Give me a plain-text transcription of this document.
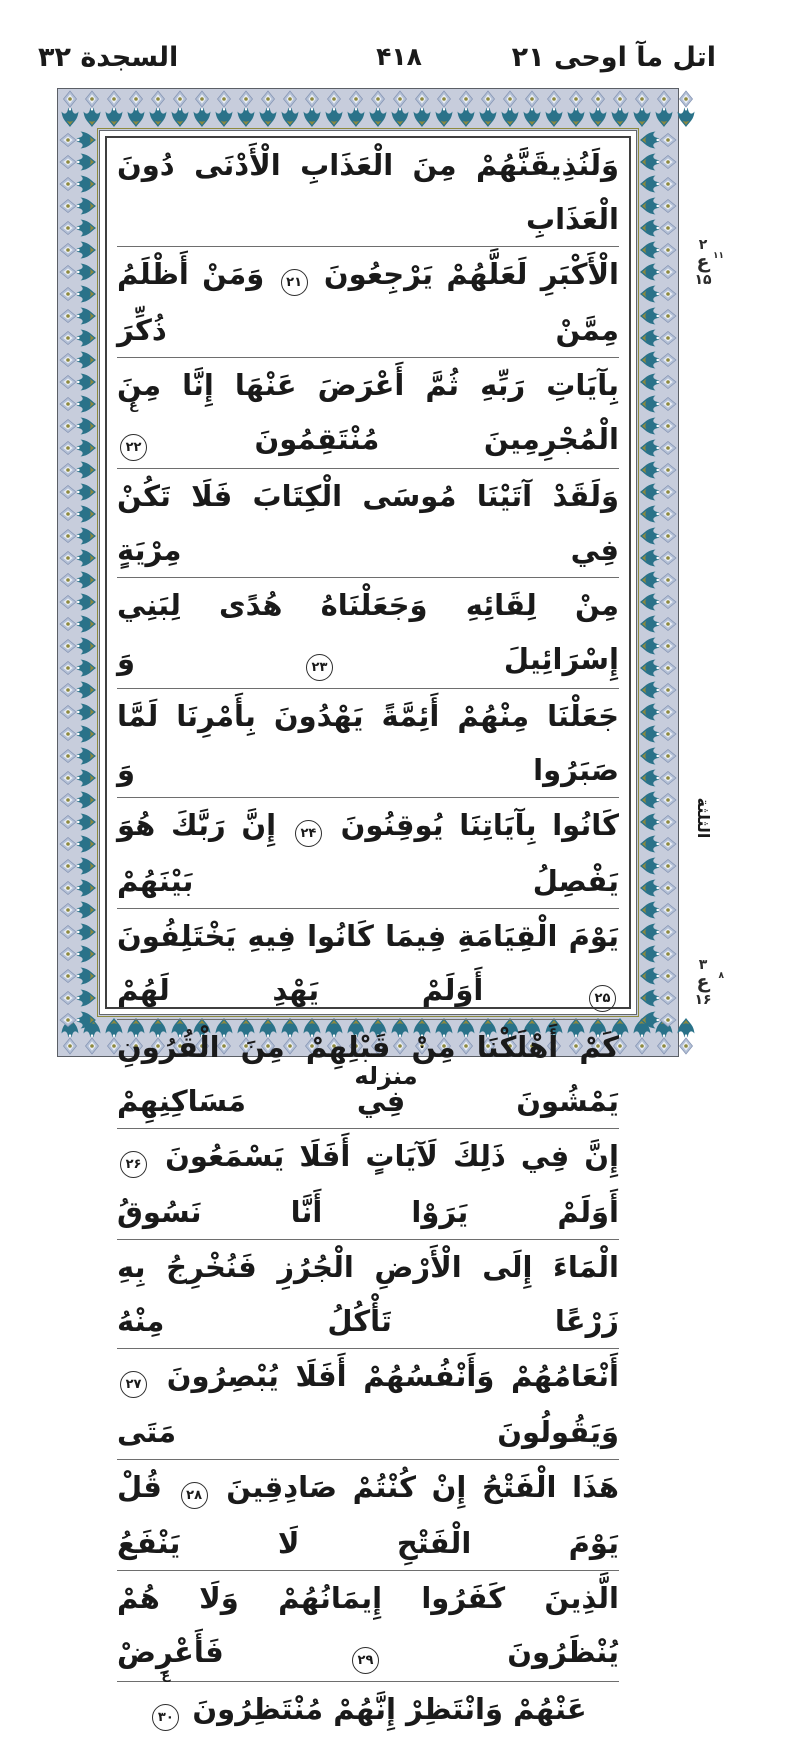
السجدة ٣٢	۴١٨	اتل مآ اوحی ٢١
وَلَنُذِيقَنَّهُمْ مِنَ الْعَذَابِ الْأَدْنَى دُونَ الْعَذَابِ
الْأَكْبَرِ لَعَلَّهُمْ يَرْجِعُونَ ۲۱ وَمَنْ أَظْلَمُ مِمَّنْ ذُكِّرَ
بِآيَاتِ رَبِّهِ ثُمَّ أَعْرَضَ عَنْهَا إِنَّا مِنَ الْمُجْرِمِينَ مُنْتَقِمُونَ ۲۲
ع
وَلَقَدْ آتَيْنَا مُوسَى الْكِتَابَ فَلَا تَكُنْ فِي مِرْيَةٍ
مِنْ لِقَائِهِ وَجَعَلْنَاهُ هُدًى لِبَنِي إِسْرَائِيلَ ۲۳ وَ
جَعَلْنَا مِنْهُمْ أَئِمَّةً يَهْدُونَ بِأَمْرِنَا لَمَّا صَبَرُوا وَ
كَانُوا بِآيَاتِنَا يُوقِنُونَ ۲۴ إِنَّ رَبَّكَ هُوَ يَفْصِلُ بَيْنَهُمْ
يَوْمَ الْقِيَامَةِ فِيمَا كَانُوا فِيهِ يَخْتَلِفُونَ ۲۵ أَوَلَمْ يَهْدِ لَهُمْ
كَمْ أَهْلَكْنَا مِنْ قَبْلِهِمْ مِنَ الْقُرُونِ يَمْشُونَ فِي مَسَاكِنِهِمْ
إِنَّ فِي ذَلِكَ لَآيَاتٍ أَفَلَا يَسْمَعُونَ ۲۶ أَوَلَمْ يَرَوْا أَنَّا نَسُوقُ
الْمَاءَ إِلَى الْأَرْضِ الْجُرُزِ فَنُخْرِجُ بِهِ زَرْعًا تَأْكُلُ مِنْهُ
أَنْعَامُهُمْ وَأَنْفُسُهُمْ أَفَلَا يُبْصِرُونَ ۲۷ وَيَقُولُونَ مَتَى
هَذَا الْفَتْحُ إِنْ كُنْتُمْ صَادِقِينَ ۲۸ قُلْ يَوْمَ الْفَتْحِ لَا يَنْفَعُ
الَّذِينَ كَفَرُوا إِيمَانُهُمْ وَلَا هُمْ يُنْظَرُونَ ۲۹ فَأَعْرِضْ
عَنْهُمْ وَانْتَظِرْ إِنَّهُمْ مُنْتَظِرُونَ ۳۰
ع
٢
ع ١١
١۵
الثلثة
٣
ع ٨
١۶
منزله
